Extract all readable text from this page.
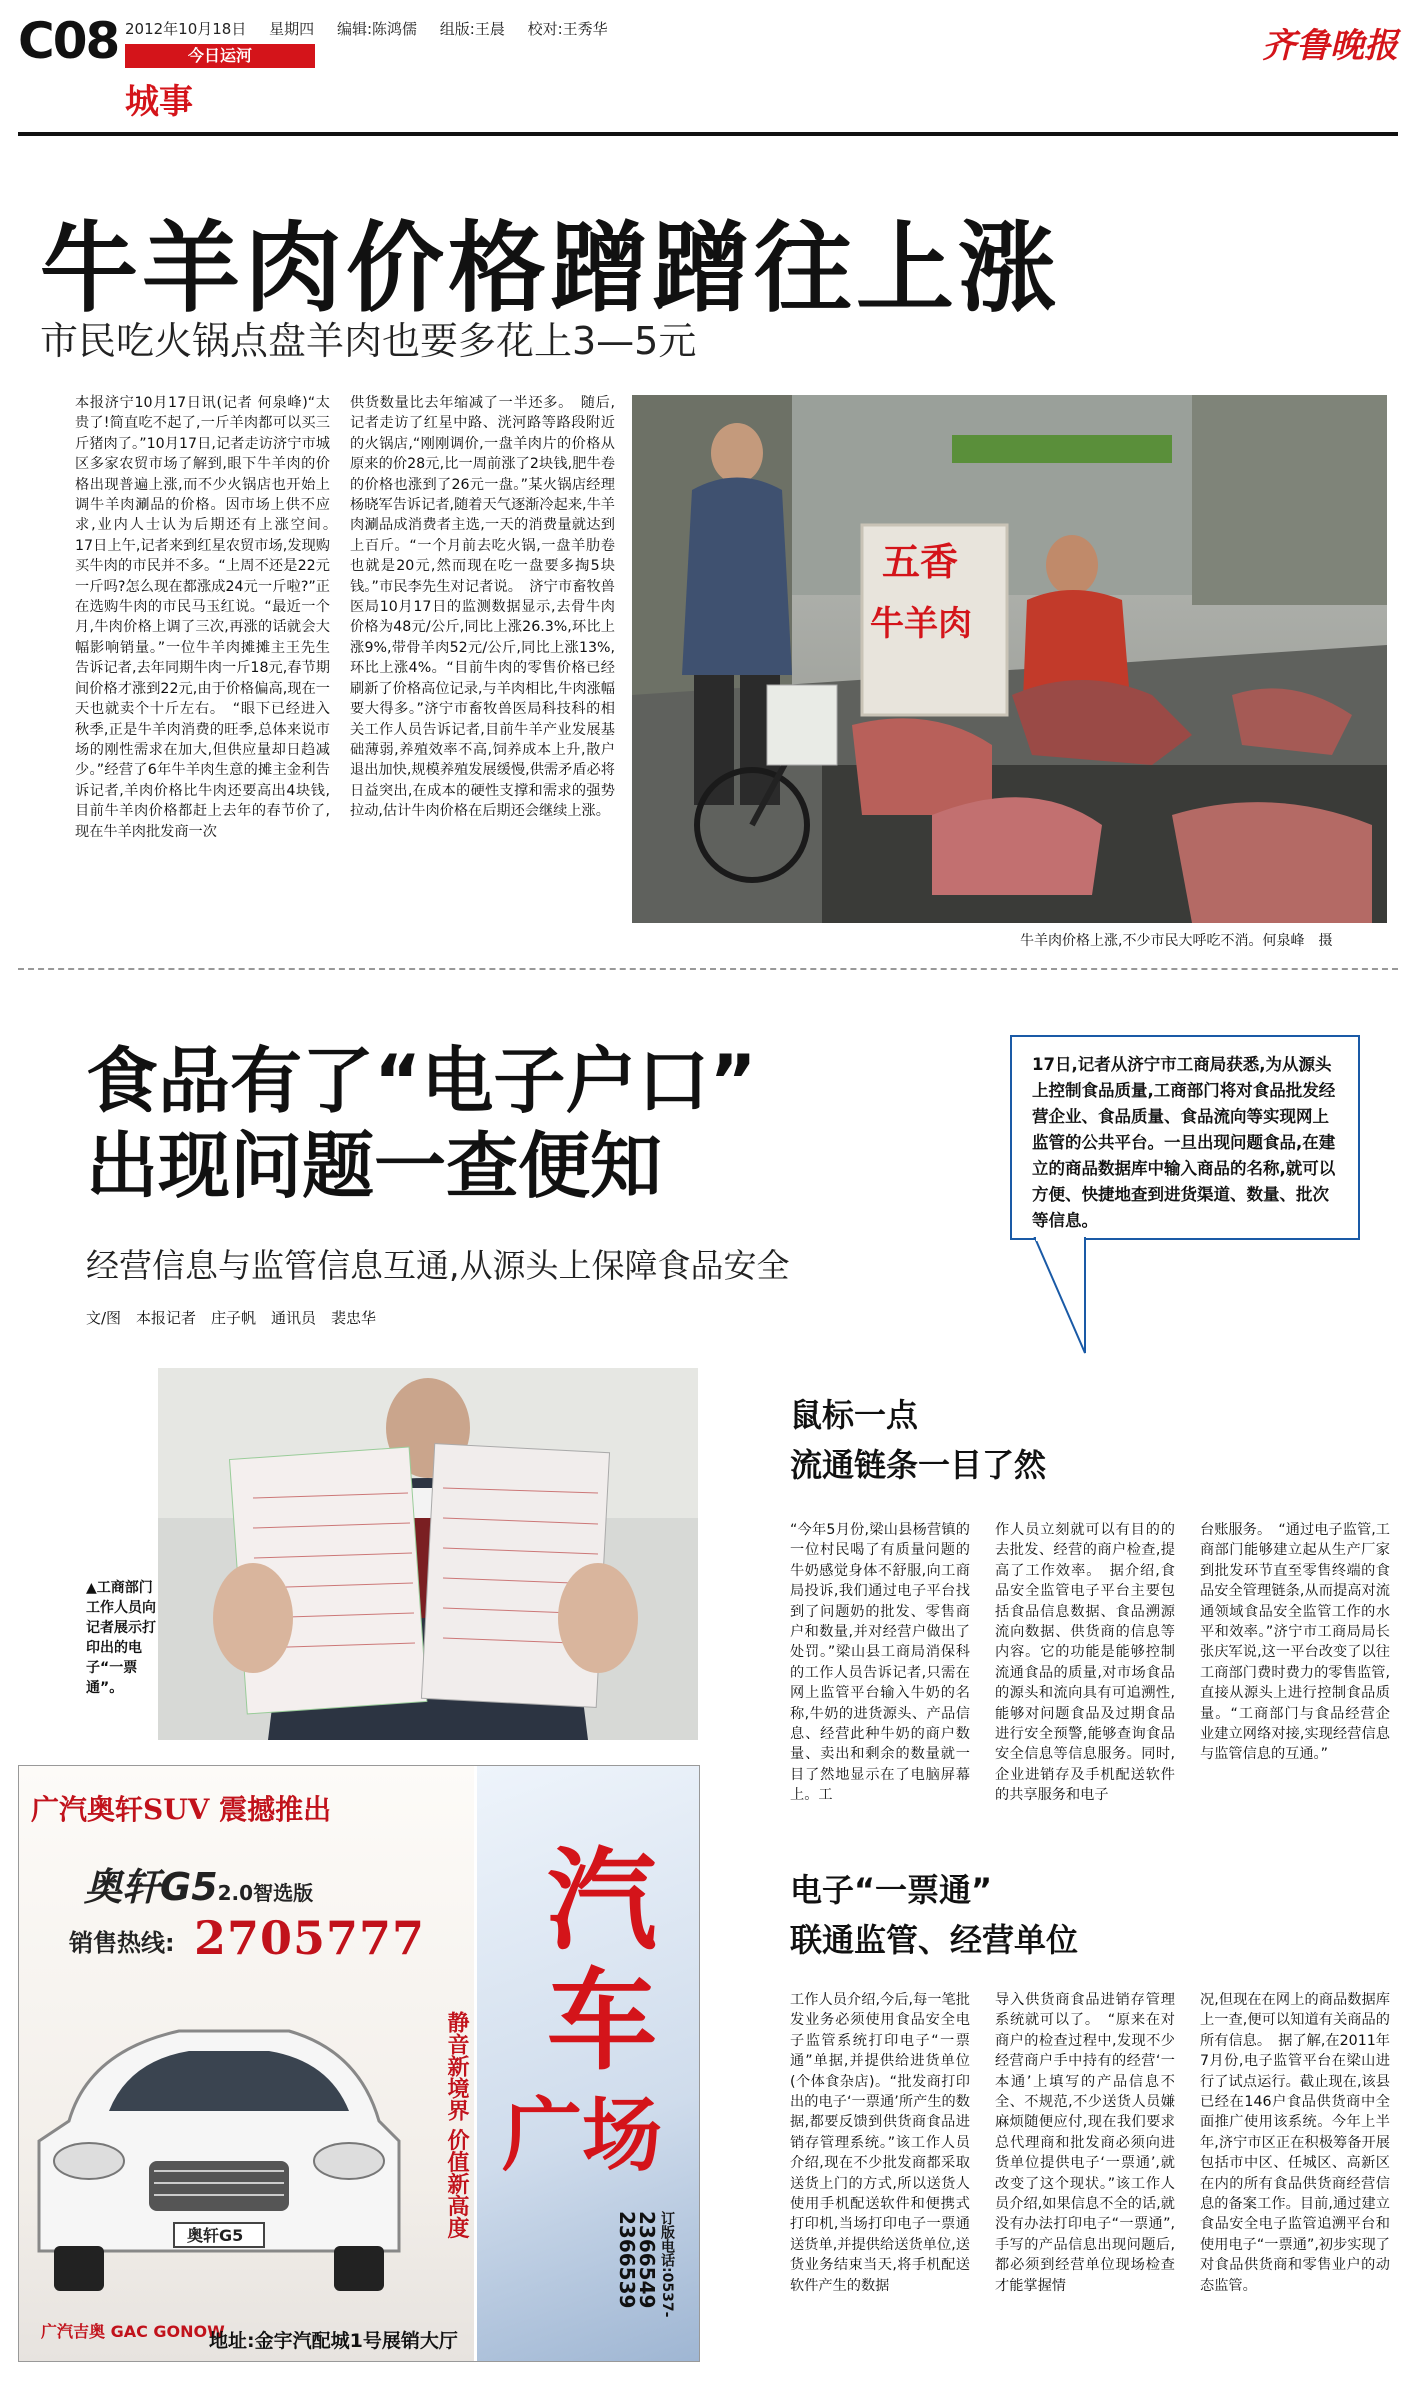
C08 2012年10月18日 星期四 编辑:陈鸿儒 组版:王晨 校对:王秀华
今日运河
城事
齐鲁晚报
牛羊肉价格蹭蹭往上涨
市民吃火锅点盘羊肉也要多花上3—5元
本报济宁10月17日讯(记者 何泉峰)“太贵了!简直吃不起了,一斤羊肉都可以买三斤猪肉了。”10月17日,记者走访济宁市城区多家农贸市场了解到,眼下牛羊肉的价格出现普遍上涨,而不少火锅店也开始上调牛羊肉涮品的价格。因市场上供不应求,业内人士认为后期还有上涨空间。　17日上午,记者来到红星农贸市场,发现购买牛肉的市民并不多。“上周不还是22元一斤吗?怎么现在都涨成24元一斤啦?”正在选购牛肉的市民马玉红说。“最近一个月,牛肉价格上调了三次,再涨的话就会大幅影响销量。”一位牛羊肉摊摊主王先生告诉记者,去年同期牛肉一斤18元,春节期间价格才涨到22元,由于价格偏高,现在一天也就卖个十斤左右。　“眼下已经进入秋季,正是牛羊肉消费的旺季,总体来说市场的刚性需求在加大,但供应量却日趋减少。”经营了6年牛羊肉生意的摊主金利告诉记者,羊肉价格比牛肉还要高出4块钱,目前牛羊肉价格都赶上去年的春节价了,现在牛羊肉批发商一次
供货数量比去年缩减了一半还多。　随后,记者走访了红星中路、洸河路等路段附近的火锅店,“刚刚调价,一盘羊肉片的价格从原来的价28元,比一周前涨了2块钱,肥牛卷的价格也涨到了26元一盘。”某火锅店经理杨晓军告诉记者,随着天气逐渐冷起来,牛羊肉涮品成消费者主选,一天的消费量就达到上百斤。“一个月前去吃火锅,一盘羊肋卷也就是20元,然而现在吃一盘要多掏5块钱。”市民李先生对记者说。　济宁市畜牧兽医局10月17日的监测数据显示,去骨牛肉价格为48元/公斤,同比上涨26.3%,环比上涨9%,带骨羊肉52元/公斤,同比上涨13%,环比上涨4%。“目前牛肉的零售价格已经刷新了价格高位记录,与羊肉相比,牛肉涨幅要大得多。”济宁市畜牧兽医局科技科的相关工作人员告诉记者,目前牛羊产业发展基础薄弱,养殖效率不高,饲养成本上升,散户退出加快,规模养殖发展缓慢,供需矛盾必将日益突出,在成本的硬性支撑和需求的强势拉动,估计牛肉价格在后期还会继续上涨。
五香
牛羊肉
牛羊肉价格上涨,不少市民大呼吃不消。何泉峰　摄
食品有了“电子户口”
出现问题一查便知
经营信息与监管信息互通,从源头上保障食品安全
文/图　本报记者　庄子帆　通讯员　裴忠华
17日,记者从济宁市工商局获悉,为从源头上控制食品质量,工商部门将对食品批发经营企业、食品质量、食品流向等实现网上监管的公共平台。一旦出现问题食品,在建立的商品数据库中输入商品的名称,就可以方便、快捷地查到进货渠道、数量、批次等信息。
▲工商部门工作人员向记者展示打印出的电子“一票通”。
鼠标一点
流通链条一目了然
“今年5月份,梁山县杨营镇的一位村民喝了有质量问题的牛奶感觉身体不舒服,向工商局投诉,我们通过电子平台找到了问题奶的批发、零售商户和数量,并对经营户做出了处罚。”梁山县工商局消保科的工作人员告诉记者,只需在网上监管平台输入牛奶的名称,牛奶的进货源头、产品信息、经营此种牛奶的商户数量、卖出和剩余的数量就一目了然地显示在了电脑屏幕上。工
作人员立刻就可以有目的的去批发、经营的商户检查,提高了工作效率。　据介绍,食品安全监管电子平台主要包括食品信息数据、食品溯源流向数据、供货商的信息等内容。它的功能是能够控制流通食品的质量,对市场食品的源头和流向具有可追溯性,能够对问题食品及过期食品进行安全预警,能够查询食品安全信息等信息服务。同时,企业进销存及手机配送软件的共享服务和电子
台账服务。　“通过电子监管,工商部门能够建立起从生产厂家到批发环节直至零售终端的食品安全管理链条,从而提高对流通领域食品安全监管工作的水平和效率。”济宁市工商局局长张庆军说,这一平台改变了以往工商部门费时费力的零售监管,直接从源头上进行控制食品质量。“工商部门与食品经营企业建立网络对接,实现经营信息与监管信息的互通。”
电子“一票通”
联通监管、经营单位
工作人员介绍,今后,每一笔批发业务必须使用食品安全电子监管系统打印电子“一票通”单据,并提供给进货单位(个体食杂店)。“批发商打印出的电子‘一票通’所产生的数据,都要反馈到供货商食品进销存管理系统。”该工作人员介绍,现在不少批发商都采取送货上门的方式,所以送货人使用手机配送软件和便携式打印机,当场打印电子一票通送货单,并提供给送货单位,送货业务结束当天,将手机配送软件产生的数据
导入供货商食品进销存管理系统就可以了。　“原来在对商户的检查过程中,发现不少经营商户手中持有的经营‘一本通’上填写的产品信息不全、不规范,不少送货人员嫌麻烦随便应付,现在我们要求总代理商和批发商必须向进货单位提供电子‘一票通’,就改变了这个现状。”该工作人员介绍,如果信息不全的话,就没有办法打印电子“一票通”,手写的产品信息出现问题后,都必须到经营单位现场检查才能掌握情
况,但现在在网上的商品数据库上一查,便可以知道有关商品的所有信息。　据了解,在2011年7月份,电子监管平台在梁山进行了试点运行。截止现在,该县已经在146户食品供货商中全面推广使用该系统。今年上半年,济宁市区正在积极筹备开展包括市中区、任城区、高新区在内的所有食品供货商经营信息的备案工作。目前,通过建立食品安全电子监管追溯平台和使用电子“一票通”,初步实现了对食品供货商和零售业户的动态监管。
广汽奥轩SUV 震撼推出
奥轩G52.0智选版
销售热线: 2705777
奥轩G5	静音新境界 价值新高度
广汽吉奥 GAC GONOW
地址:金宇汽配城1号展销大厅
汽
车
广场
订版电话:0537- 2366549 2366539
